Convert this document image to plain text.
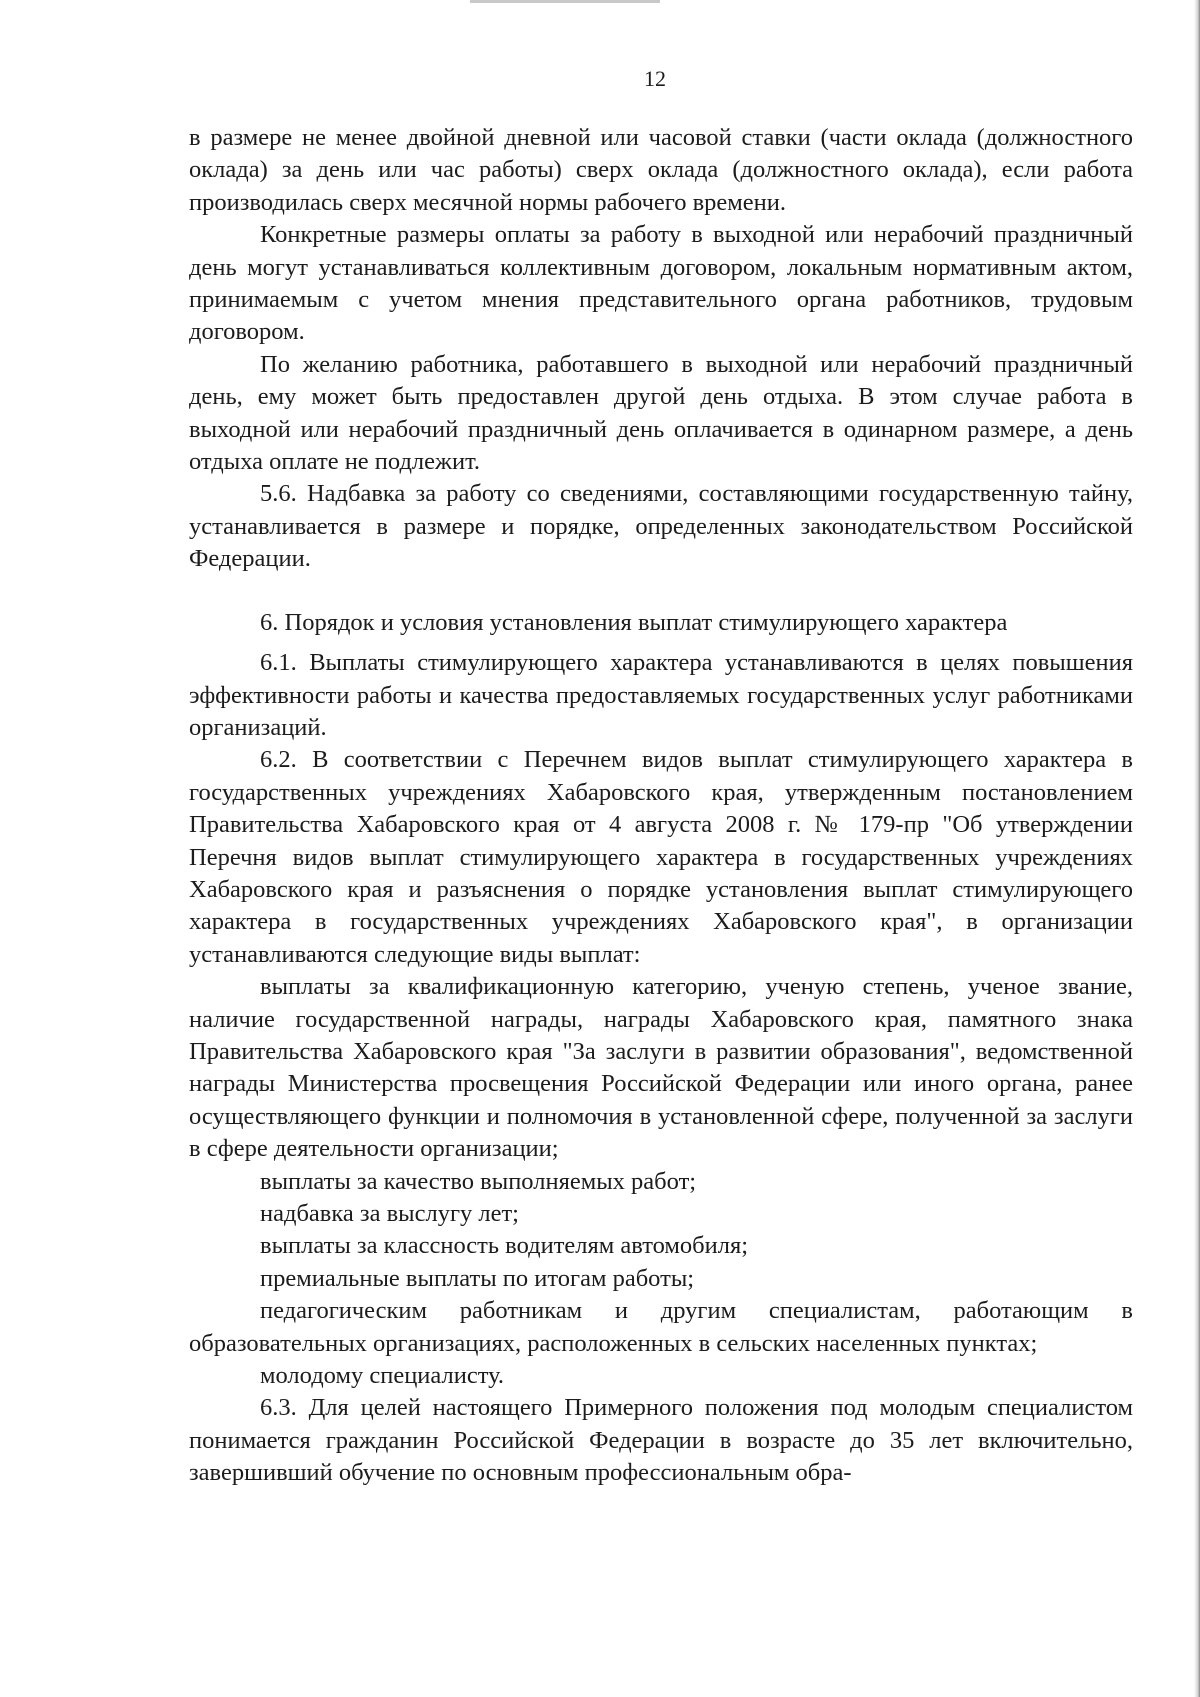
12

в размере не менее двойной дневной или часовой ставки (части оклада (должностного оклада) за день или час работы) сверх оклада (должностного оклада), если работа производилась сверх месячной нормы рабочего времени.

Конкретные размеры оплаты за работу в выходной или нерабочий праздничный день могут устанавливаться коллективным договором, локальным нормативным актом, принимаемым с учетом мнения представительного органа работников, трудовым договором.

По желанию работника, работавшего в выходной или нерабочий праздничный день, ему может быть предоставлен другой день отдыха. В этом случае работа в выходной или нерабочий праздничный день оплачивается в одинарном размере, а день отдыха оплате не подлежит.

5.6. Надбавка за работу со сведениями, составляющими государственную тайну, устанавливается в размере и порядке, определенных законодательством Российской Федерации.

6. Порядок и условия установления выплат стимулирующего характера

6.1. Выплаты стимулирующего характера устанавливаются в целях повышения эффективности работы и качества предоставляемых государственных услуг работниками организаций.

6.2. В соответствии с Перечнем видов выплат стимулирующего характера в государственных учреждениях Хабаровского края, утвержденным постановлением Правительства Хабаровского края от 4 августа 2008 г. № 179-пр "Об утверждении Перечня видов выплат стимулирующего характера в государственных учреждениях Хабаровского края и разъяснения о порядке установления выплат стимулирующего характера в государственных учреждениях Хабаровского края", в организации устанавливаются следующие виды выплат:

выплаты за квалификационную категорию, ученую степень, ученое звание, наличие государственной награды, награды Хабаровского края, памятного знака Правительства Хабаровского края "За заслуги в развитии образования", ведомственной награды Министерства просвещения Российской Федерации или иного органа, ранее осуществляющего функции и полномочия в установленной сфере, полученной за заслуги в сфере деятельности организации;

выплаты за качество выполняемых работ;

надбавка за выслугу лет;

выплаты за классность водителям автомобиля;

премиальные выплаты по итогам работы;

педагогическим работникам и другим специалистам, работающим в образовательных организациях, расположенных в сельских населенных пунктах;

молодому специалисту.

6.3. Для целей настоящего Примерного положения под молодым специалистом понимается гражданин Российской Федерации в возрасте до 35 лет включительно, завершивший обучение по основным профессиональным обра-
